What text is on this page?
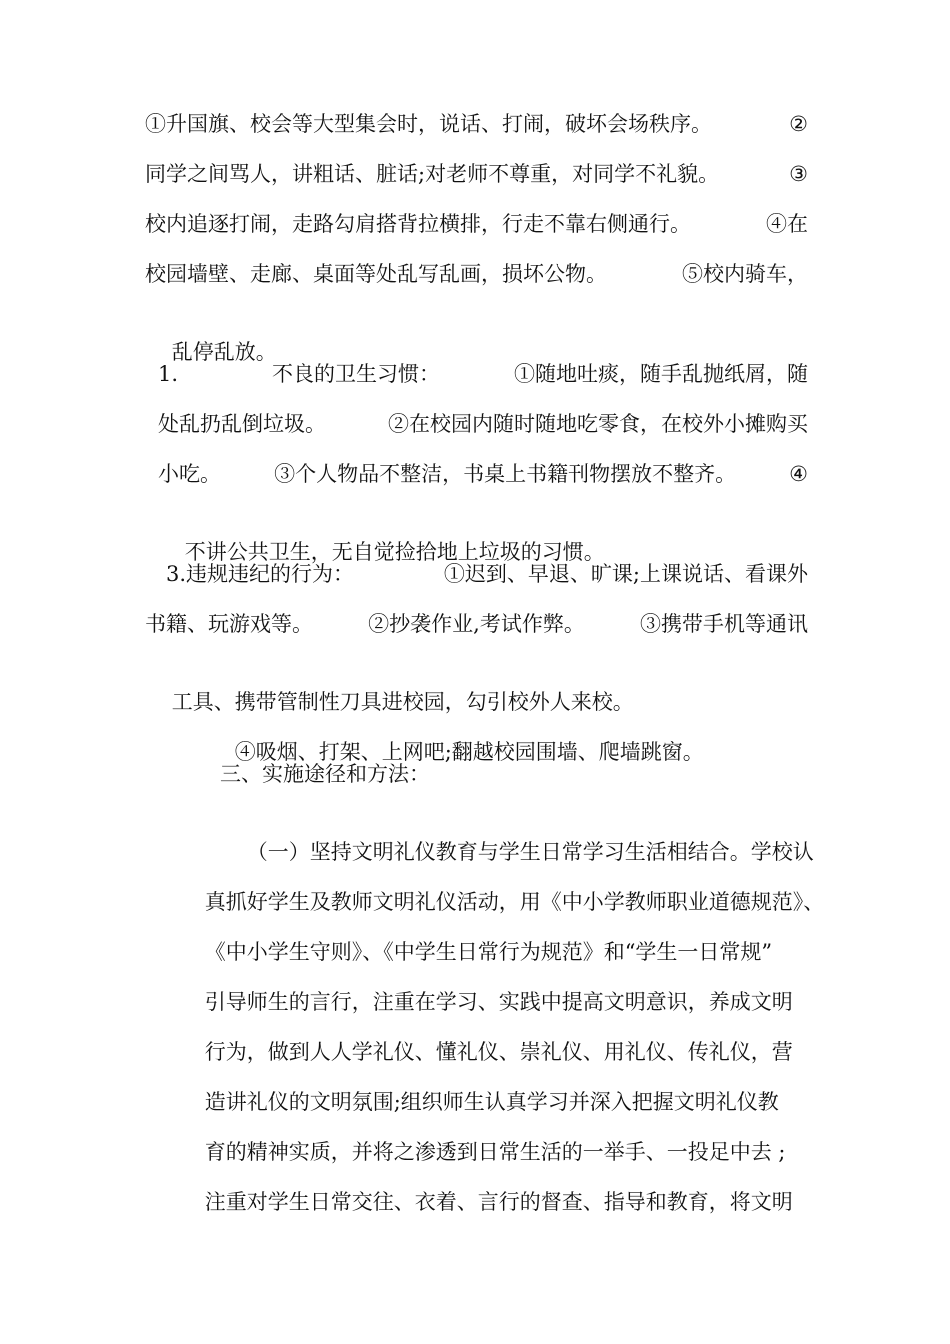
①升国旗、校会等大型集会时，说话、打闹，破坏会场秩序。	②
同学之间骂人，讲粗话、脏话;对老师不尊重，对同学不礼貌。	③
校内追逐打闹，走路勾肩搭背拉横排，行走不靠右侧通行。	④在
校园墙壁、走廊、桌面等处乱写乱画，损坏公物。	⑤校内骑车，

乱停乱放。

1.	不良的卫生习惯：	①随地吐痰，随手乱抛纸屑，随
处乱扔乱倒垃圾。	②在校园内随时随地吃零食，在校外小摊购买
小吃。	③个人物品不整洁，书桌上书籍刊物摆放不整齐。	④

不讲公共卫生，无自觉捡拾地上垃圾的习惯。

3.违规违纪的行为：	①迟到、早退、旷课;上课说话、看课外
书籍、玩游戏等。	②抄袭作业,考试作弊。	③携带手机等通讯

工具、携带管制性刀具进校园，勾引校外人来校。

④吸烟、打架、上网吧;翻越校园围墙、爬墙跳窗。

三、实施途径和方法：

（一）坚持文明礼仪教育与学生日常学习生活相结合。学校认

真抓好学生及教师文明礼仪活动，用《中小学教师职业道德规范》、

《中小学生守则》、《中学生日常行为规范》和“学生一日常规”

引导师生的言行，注重在学习、实践中提高文明意识，养成文明

行为，做到人人学礼仪、懂礼仪、崇礼仪、用礼仪、传礼仪，营

造讲礼仪的文明氛围;组织师生认真学习并深入把握文明礼仪教

育的精神实质，并将之渗透到日常生活的一举手、一投足中去 ;

注重对学生日常交往、衣着、言行的督查、指导和教育，将文明
